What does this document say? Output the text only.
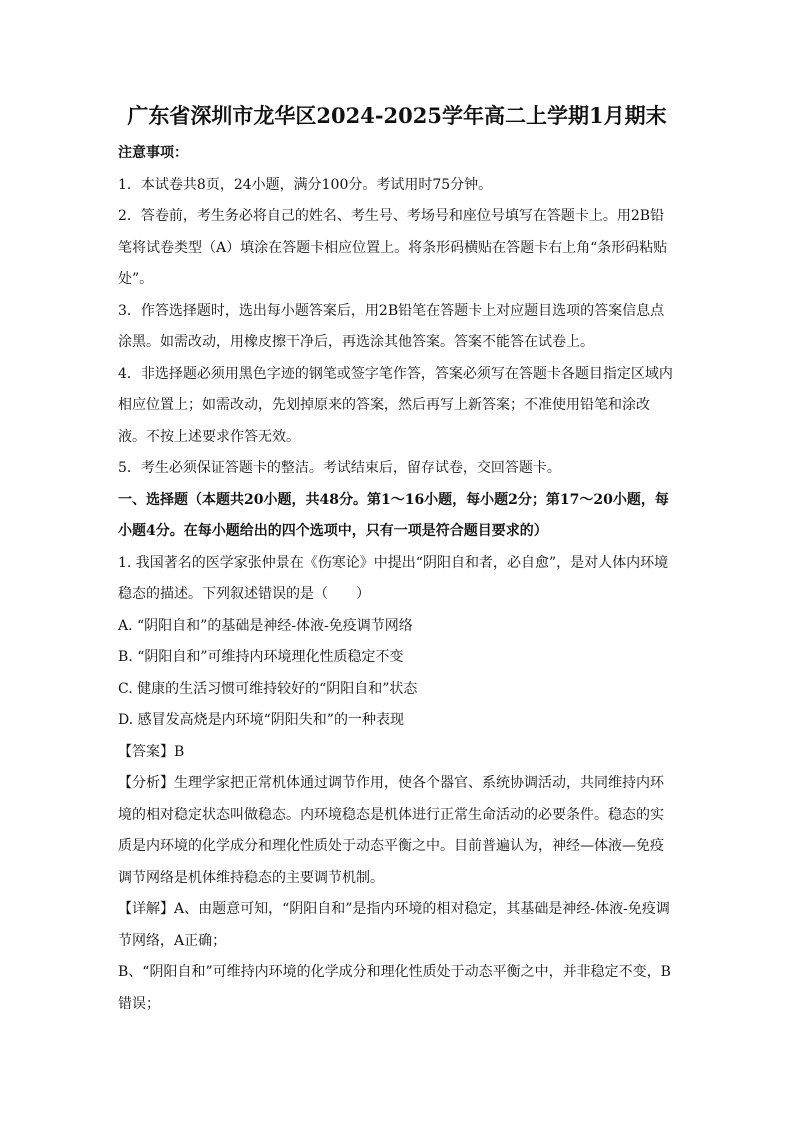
广东省深圳市龙华区2024-2025学年高二上学期1月期末

注意事项：

1．本试卷共8页，24小题，满分100分。考试用时75分钟。

2．答卷前，考生务必将自己的姓名、考生号、考场号和座位号填写在答题卡上。用2B铅笔将试卷类型（A）填涂在答题卡相应位置上。将条形码横贴在答题卡右上角“条形码粘贴处”。

3．作答选择题时，选出每小题答案后，用2B铅笔在答题卡上对应题目选项的答案信息点涂黑。如需改动，用橡皮擦干净后，再选涂其他答案。答案不能答在试卷上。

4．非选择题必须用黑色字迹的钢笔或签字笔作答，答案必须写在答题卡各题目指定区域内相应位置上；如需改动，先划掉原来的答案，然后再写上新答案；不准使用铅笔和涂改液。不按上述要求作答无效。

5．考生必须保证答题卡的整洁。考试结束后，留存试卷，交回答题卡。

一、选择题（本题共20小题，共48分。第1～16小题，每小题2分；第17～20小题，每小题4分。在每小题给出的四个选项中，只有一项是符合题目要求的）

1. 我国著名的医学家张仲景在《伤寒论》中提出“阴阳自和者，必自愈”，是对人体内环境稳态的描述。下列叙述错误的是（　　）

A. “阴阳自和”的基础是神经-体液-免疫调节网络

B. “阴阳自和”可维持内环境理化性质稳定不变

C. 健康的生活习惯可维持较好的“阴阳自和”状态

D. 感冒发高烧是内环境“阴阳失和”的一种表现

【答案】B

【分析】生理学家把正常机体通过调节作用，使各个器官、系统协调活动，共同维持内环境的相对稳定状态叫做稳态。内环境稳态是机体进行正常生命活动的必要条件。稳态的实质是内环境的化学成分和理化性质处于动态平衡之中。目前普遍认为，神经—体液—免疫调节网络是机体维持稳态的主要调节机制。

【详解】A、由题意可知，“阴阳自和”是指内环境的相对稳定，其基础是神经-体液-免疫调节网络，A正确；

B、“阴阳自和”可维持内环境的化学成分和理化性质处于动态平衡之中，并非稳定不变，B错误；
